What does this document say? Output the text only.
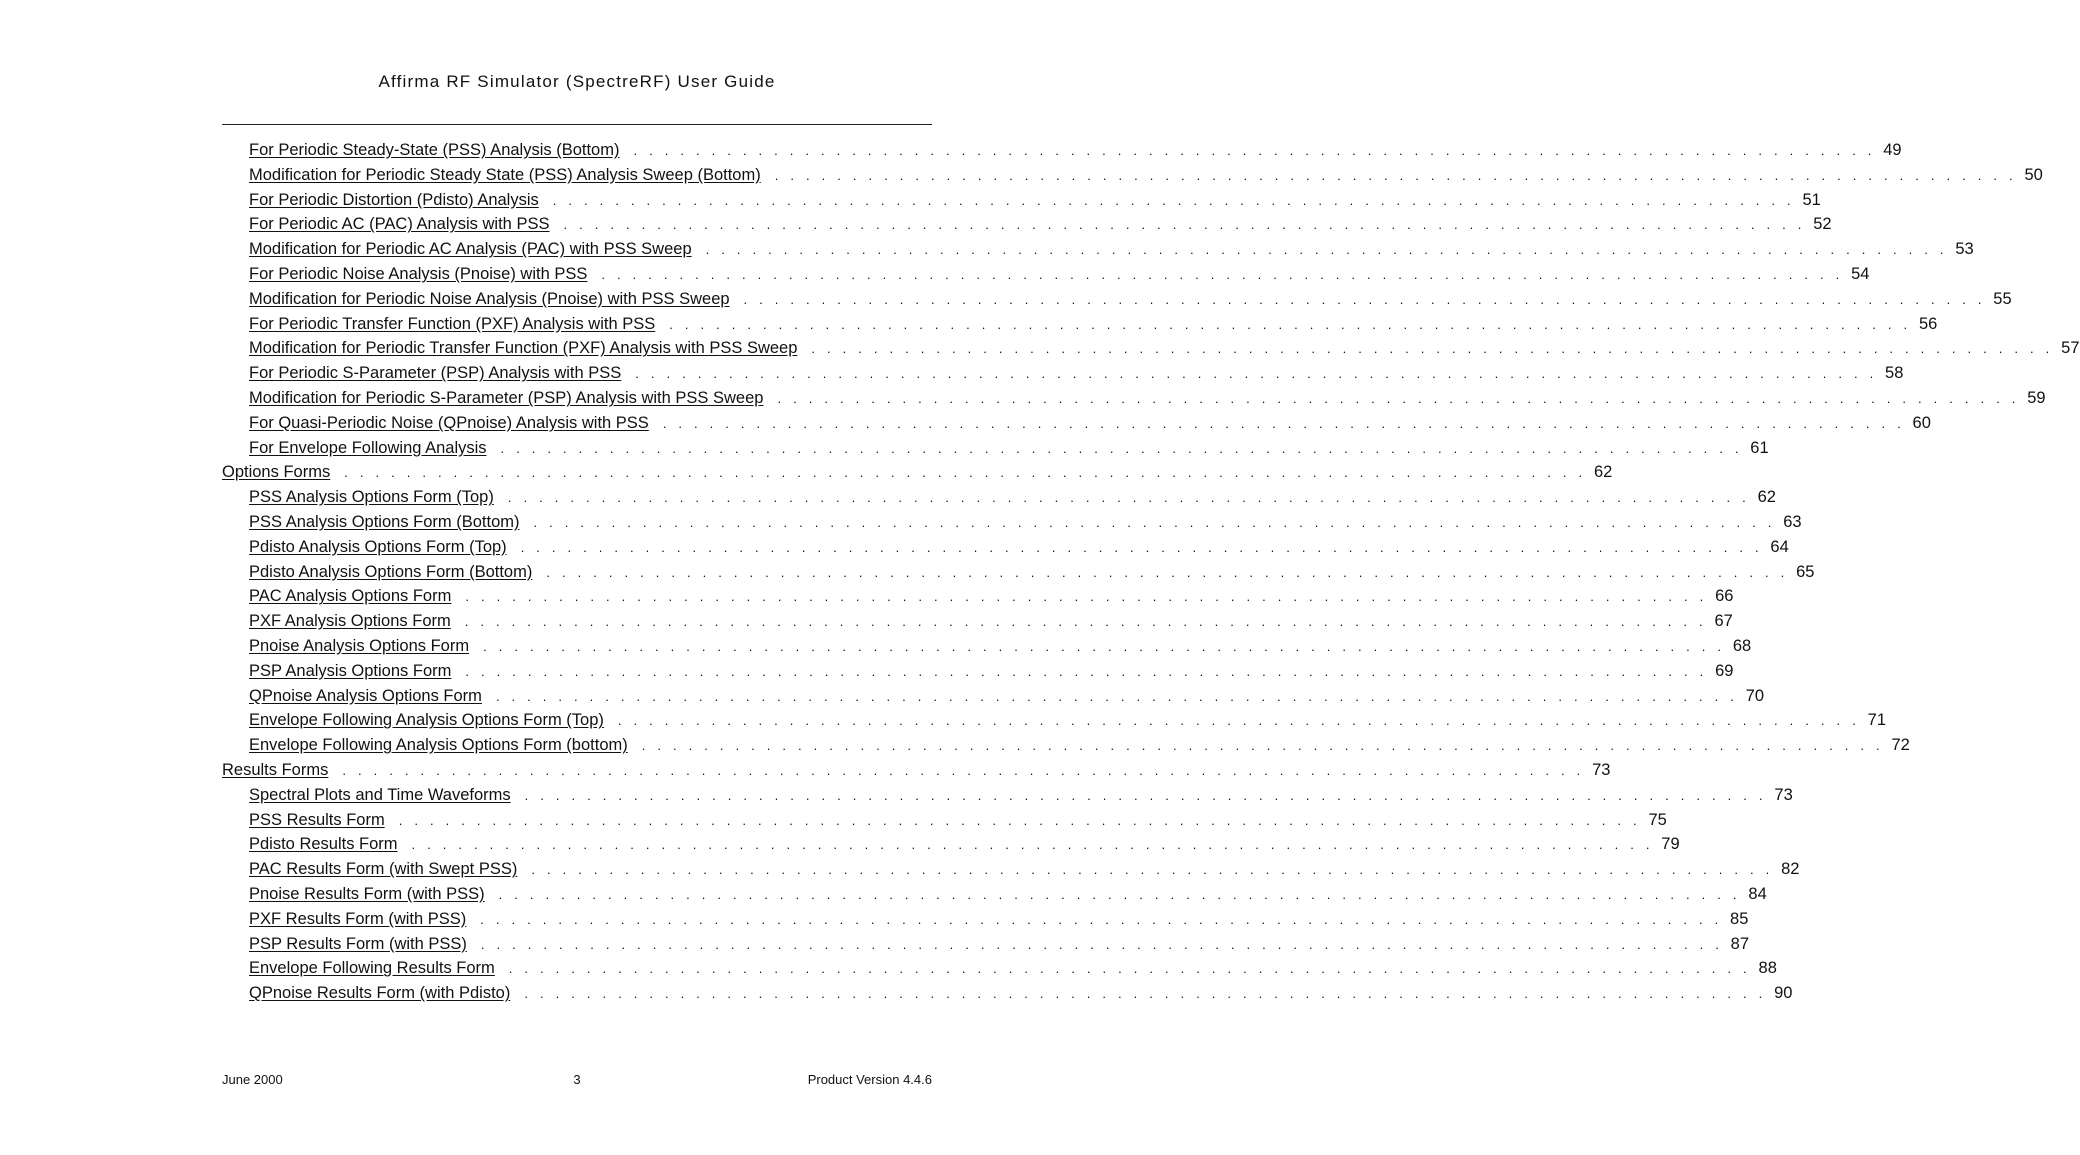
Affirma RF Simulator (SpectreRF) User Guide
For Periodic Steady-State (PSS) Analysis (Bottom) . . . . . . . . . . . . . . . . . . . . . . . . . . . . . . . . . . . . . . . . . . . . . . . . . . . . . . . . . . . . . . . . . . . . . . . . . . . . . . . . 49
Modification for Periodic Steady State (PSS) Analysis Sweep (Bottom) . . . . . . . . . . . . . . . . . . . . . . . . . . . . . . . . . . . . . . . . . . . . . . . . . . . . . . . . . . . . . . . . . . . . . . . . . . . . . . . . 50
For Periodic Distortion (Pdisto) Analysis . . . . . . . . . . . . . . . . . . . . . . . . . . . . . . . . . . . . . . . . . . . . . . . . . . . . . . . . . . . . . . . . . . . . . . . . . . . . . . . . 51
For Periodic AC (PAC) Analysis with PSS . . . . . . . . . . . . . . . . . . . . . . . . . . . . . . . . . . . . . . . . . . . . . . . . . . . . . . . . . . . . . . . . . . . . . . . . . . . . . . . . 52
Modification for Periodic AC Analysis (PAC) with PSS Sweep . . . . . . . . . . . . . . . . . . . . . . . . . . . . . . . . . . . . . . . . . . . . . . . . . . . . . . . . . . . . . . . . . . . . . . . . . . . . . . . . 53
For Periodic Noise Analysis (Pnoise) with PSS . . . . . . . . . . . . . . . . . . . . . . . . . . . . . . . . . . . . . . . . . . . . . . . . . . . . . . . . . . . . . . . . . . . . . . . . . . . . . . . . 54
Modification for Periodic Noise Analysis (Pnoise) with PSS Sweep . . . . . . . . . . . . . . . . . . . . . . . . . . . . . . . . . . . . . . . . . . . . . . . . . . . . . . . . . . . . . . . . . . . . . . . . . . . . . . . . 55
For Periodic Transfer Function (PXF) Analysis with PSS . . . . . . . . . . . . . . . . . . . . . . . . . . . . . . . . . . . . . . . . . . . . . . . . . . . . . . . . . . . . . . . . . . . . . . . . . . . . . . . . 56
Modification for Periodic Transfer Function (PXF) Analysis with PSS Sweep . . . . . . . . . . . . . . . . . . . . . . . . . . . . . . . . . . . . . . . . . . . . . . . . . . . . . . . . . . . . . . . . . . . . . . . . . . . . . . . . 57
For Periodic S-Parameter (PSP) Analysis with PSS . . . . . . . . . . . . . . . . . . . . . . . . . . . . . . . . . . . . . . . . . . . . . . . . . . . . . . . . . . . . . . . . . . . . . . . . . . . . . . . . 58
Modification for Periodic S-Parameter (PSP) Analysis with PSS Sweep . . . . . . . . . . . . . . . . . . . . . . . . . . . . . . . . . . . . . . . . . . . . . . . . . . . . . . . . . . . . . . . . . . . . . . . . . . . . . . . . 59
For Quasi-Periodic Noise (QPnoise) Analysis with PSS . . . . . . . . . . . . . . . . . . . . . . . . . . . . . . . . . . . . . . . . . . . . . . . . . . . . . . . . . . . . . . . . . . . . . . . . . . . . . . . . 60
For Envelope Following Analysis . . . . . . . . . . . . . . . . . . . . . . . . . . . . . . . . . . . . . . . . . . . . . . . . . . . . . . . . . . . . . . . . . . . . . . . . . . . . . . . . 61
Options Forms . . . . . . . . . . . . . . . . . . . . . . . . . . . . . . . . . . . . . . . . . . . . . . . . . . . . . . . . . . . . . . . . . . . . . . . . . . . . . . . . 62
PSS Analysis Options Form (Top) . . . . . . . . . . . . . . . . . . . . . . . . . . . . . . . . . . . . . . . . . . . . . . . . . . . . . . . . . . . . . . . . . . . . . . . . . . . . . . . . 62
PSS Analysis Options Form (Bottom) . . . . . . . . . . . . . . . . . . . . . . . . . . . . . . . . . . . . . . . . . . . . . . . . . . . . . . . . . . . . . . . . . . . . . . . . . . . . . . . . 63
Pdisto Analysis Options Form (Top) . . . . . . . . . . . . . . . . . . . . . . . . . . . . . . . . . . . . . . . . . . . . . . . . . . . . . . . . . . . . . . . . . . . . . . . . . . . . . . . . 64
Pdisto Analysis Options Form (Bottom) . . . . . . . . . . . . . . . . . . . . . . . . . . . . . . . . . . . . . . . . . . . . . . . . . . . . . . . . . . . . . . . . . . . . . . . . . . . . . . . . 65
PAC Analysis Options Form . . . . . . . . . . . . . . . . . . . . . . . . . . . . . . . . . . . . . . . . . . . . . . . . . . . . . . . . . . . . . . . . . . . . . . . . . . . . . . . . 66
PXF Analysis Options Form . . . . . . . . . . . . . . . . . . . . . . . . . . . . . . . . . . . . . . . . . . . . . . . . . . . . . . . . . . . . . . . . . . . . . . . . . . . . . . . . 67
Pnoise Analysis Options Form . . . . . . . . . . . . . . . . . . . . . . . . . . . . . . . . . . . . . . . . . . . . . . . . . . . . . . . . . . . . . . . . . . . . . . . . . . . . . . . . 68
PSP Analysis Options Form . . . . . . . . . . . . . . . . . . . . . . . . . . . . . . . . . . . . . . . . . . . . . . . . . . . . . . . . . . . . . . . . . . . . . . . . . . . . . . . . 69
QPnoise Analysis Options Form . . . . . . . . . . . . . . . . . . . . . . . . . . . . . . . . . . . . . . . . . . . . . . . . . . . . . . . . . . . . . . . . . . . . . . . . . . . . . . . . 70
Envelope Following Analysis Options Form (Top) . . . . . . . . . . . . . . . . . . . . . . . . . . . . . . . . . . . . . . . . . . . . . . . . . . . . . . . . . . . . . . . . . . . . . . . . . . . . . . . . 71
Envelope Following Analysis Options Form (bottom) . . . . . . . . . . . . . . . . . . . . . . . . . . . . . . . . . . . . . . . . . . . . . . . . . . . . . . . . . . . . . . . . . . . . . . . . . . . . . . . . 72
Results Forms . . . . . . . . . . . . . . . . . . . . . . . . . . . . . . . . . . . . . . . . . . . . . . . . . . . . . . . . . . . . . . . . . . . . . . . . . . . . . . . . 73
Spectral Plots and Time Waveforms . . . . . . . . . . . . . . . . . . . . . . . . . . . . . . . . . . . . . . . . . . . . . . . . . . . . . . . . . . . . . . . . . . . . . . . . . . . . . . . . 73
PSS Results Form . . . . . . . . . . . . . . . . . . . . . . . . . . . . . . . . . . . . . . . . . . . . . . . . . . . . . . . . . . . . . . . . . . . . . . . . . . . . . . . . 75
Pdisto Results Form . . . . . . . . . . . . . . . . . . . . . . . . . . . . . . . . . . . . . . . . . . . . . . . . . . . . . . . . . . . . . . . . . . . . . . . . . . . . . . . . 79
PAC Results Form (with Swept PSS) . . . . . . . . . . . . . . . . . . . . . . . . . . . . . . . . . . . . . . . . . . . . . . . . . . . . . . . . . . . . . . . . . . . . . . . . . . . . . . . . 82
Pnoise Results Form (with PSS) . . . . . . . . . . . . . . . . . . . . . . . . . . . . . . . . . . . . . . . . . . . . . . . . . . . . . . . . . . . . . . . . . . . . . . . . . . . . . . . . 84
PXF Results Form (with PSS) . . . . . . . . . . . . . . . . . . . . . . . . . . . . . . . . . . . . . . . . . . . . . . . . . . . . . . . . . . . . . . . . . . . . . . . . . . . . . . . . 85
PSP Results Form (with PSS) . . . . . . . . . . . . . . . . . . . . . . . . . . . . . . . . . . . . . . . . . . . . . . . . . . . . . . . . . . . . . . . . . . . . . . . . . . . . . . . . 87
Envelope Following Results Form . . . . . . . . . . . . . . . . . . . . . . . . . . . . . . . . . . . . . . . . . . . . . . . . . . . . . . . . . . . . . . . . . . . . . . . . . . . . . . . . 88
QPnoise Results Form (with Pdisto) . . . . . . . . . . . . . . . . . . . . . . . . . . . . . . . . . . . . . . . . . . . . . . . . . . . . . . . . . . . . . . . . . . . . . . . . . . . . . . . . 90
June 2000	3	Product Version 4.4.6
